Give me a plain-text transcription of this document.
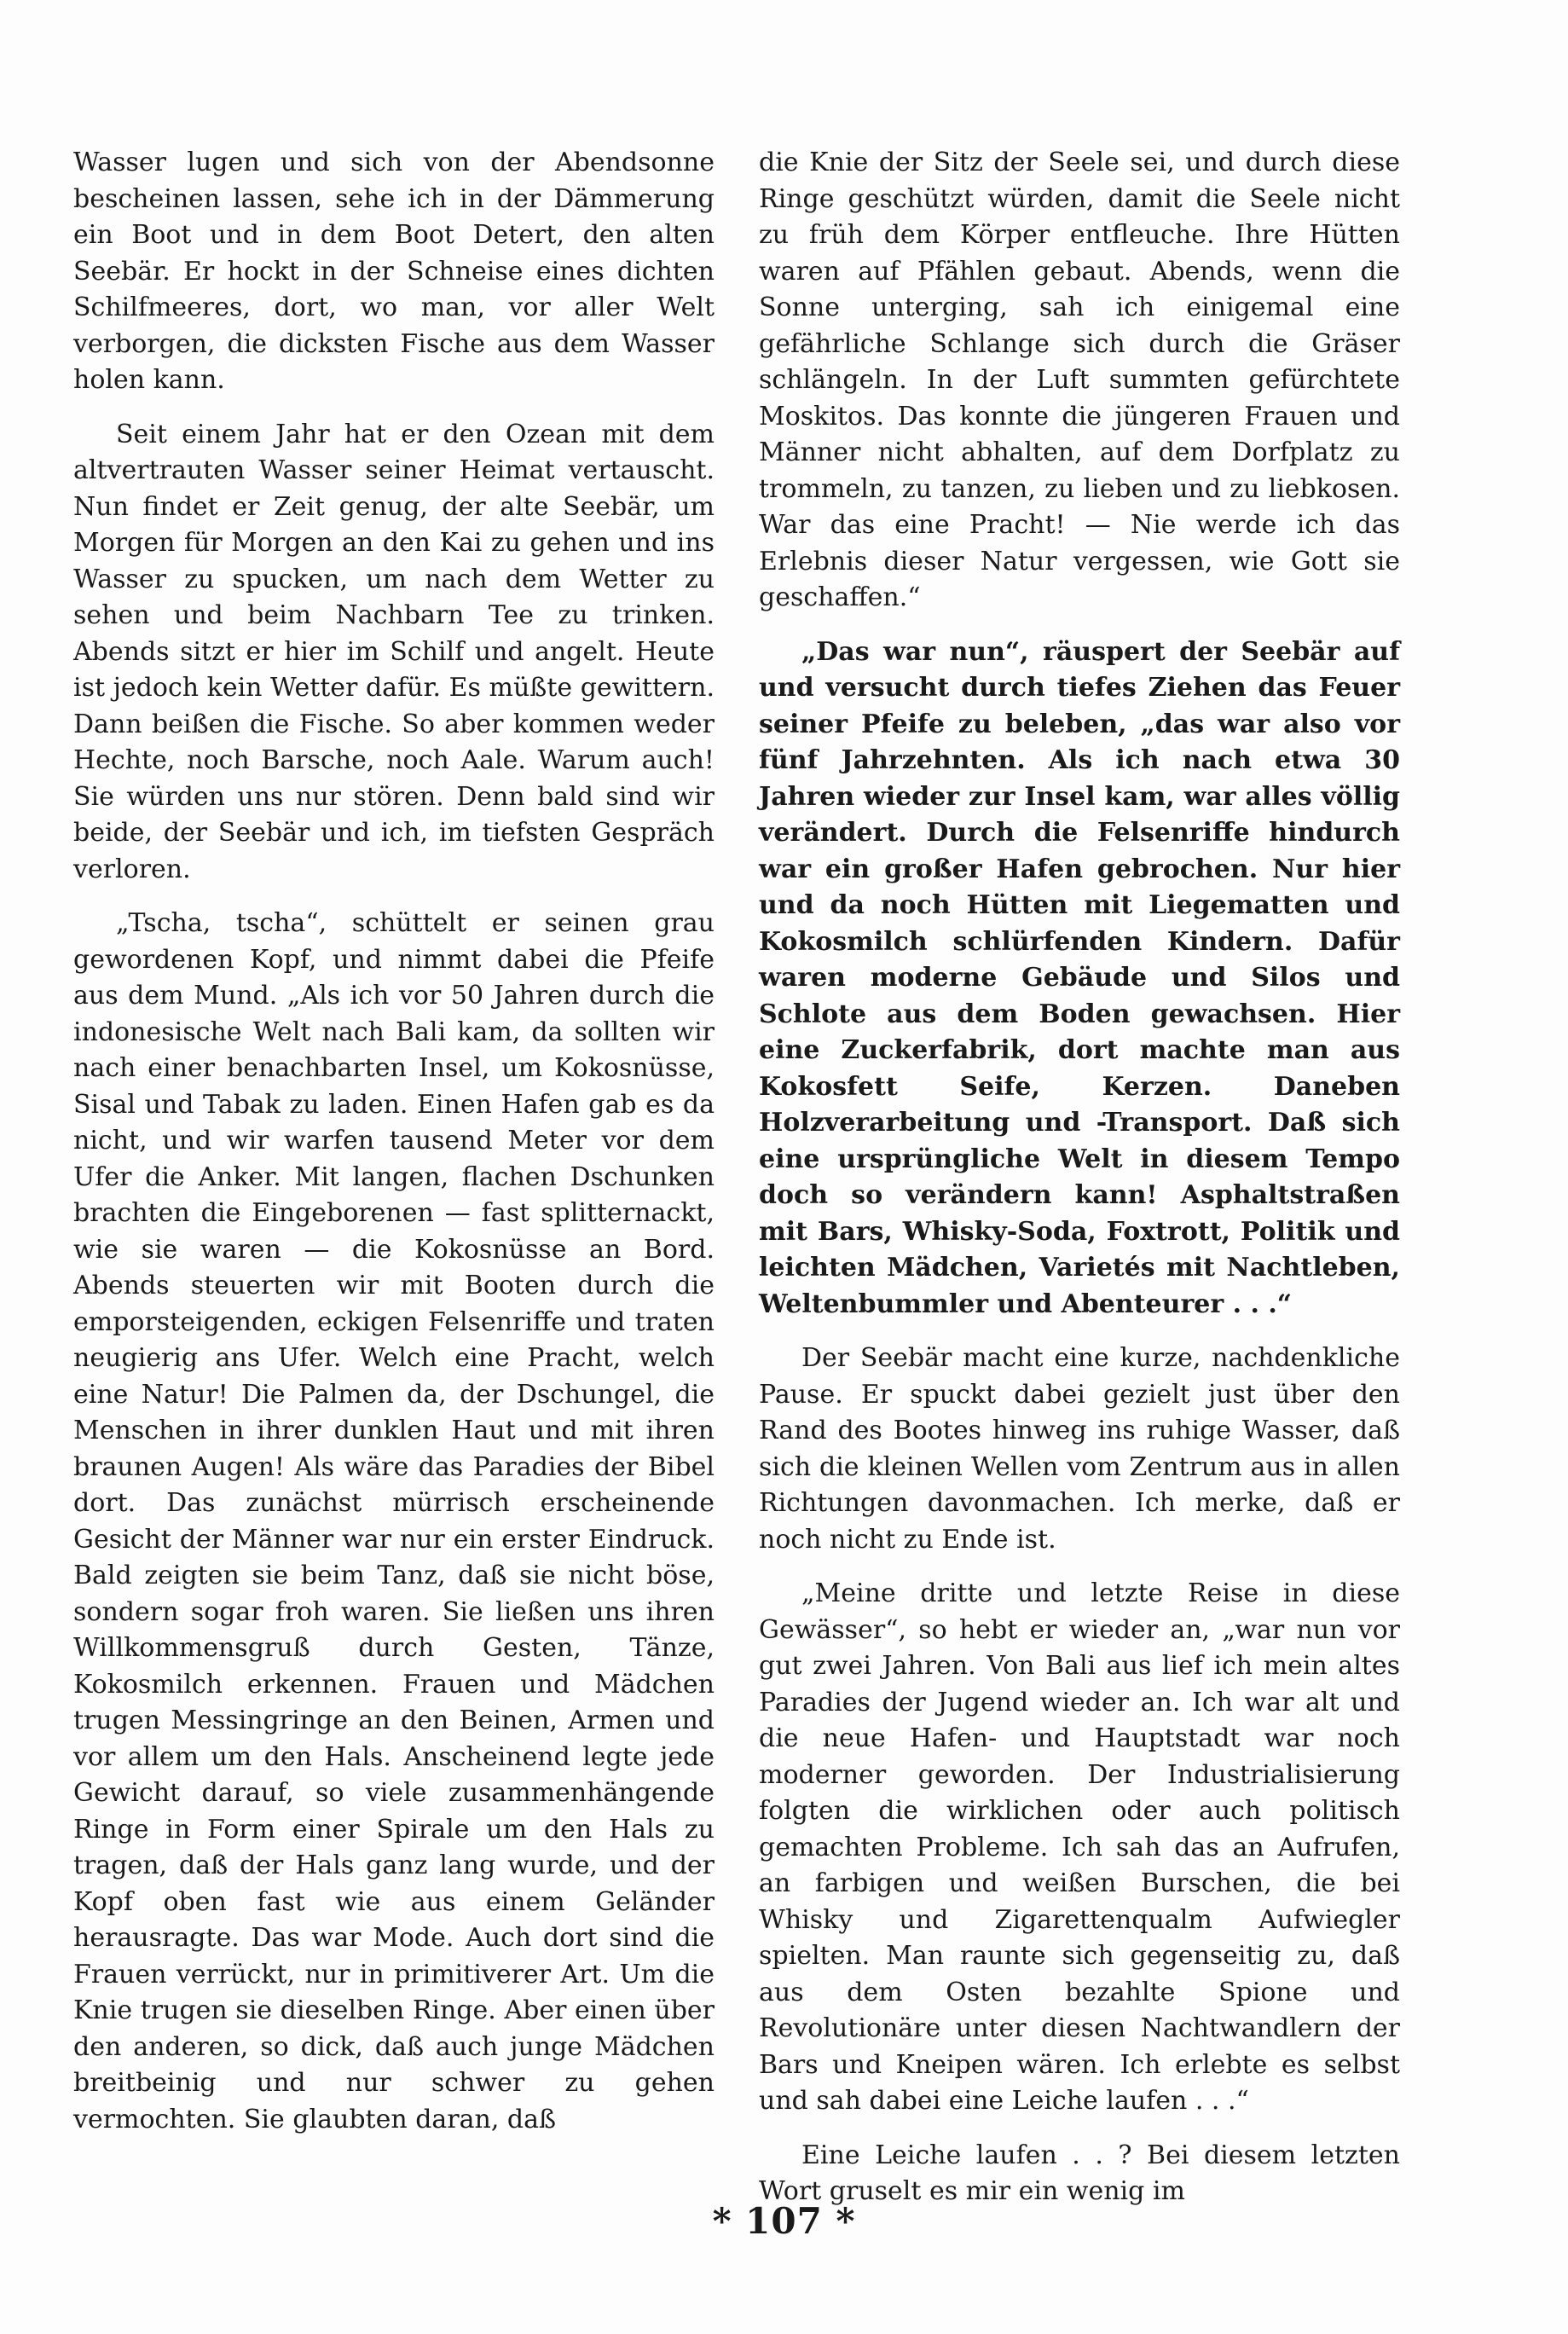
Wasser lugen und sich von der Abendsonne bescheinen lassen, sehe ich in der Dämmerung ein Boot und in dem Boot Detert, den alten Seebär. Er hockt in der Schneise eines dichten Schilfmeeres, dort, wo man, vor aller Welt verborgen, die dicksten Fische aus dem Wasser holen kann.

Seit einem Jahr hat er den Ozean mit dem altvertrauten Wasser seiner Heimat vertauscht. Nun findet er Zeit genug, der alte Seebär, um Morgen für Morgen an den Kai zu gehen und ins Wasser zu spucken, um nach dem Wetter zu sehen und beim Nachbarn Tee zu trinken. Abends sitzt er hier im Schilf und angelt. Heute ist jedoch kein Wetter dafür. Es müßte gewittern. Dann beißen die Fische. So aber kommen weder Hechte, noch Barsche, noch Aale. Warum auch! Sie würden uns nur stören. Denn bald sind wir beide, der Seebär und ich, im tiefsten Gespräch verloren.

„Tscha, tscha“, schüttelt er seinen grau gewordenen Kopf, und nimmt dabei die Pfeife aus dem Mund. „Als ich vor 50 Jahren durch die indonesische Welt nach Bali kam, da sollten wir nach einer benachbarten Insel, um Kokosnüsse, Sisal und Tabak zu laden. Einen Hafen gab es da nicht, und wir warfen tausend Meter vor dem Ufer die Anker. Mit langen, flachen Dschunken brachten die Eingeborenen — fast splitternackt, wie sie waren — die Kokosnüsse an Bord. Abends steuerten wir mit Booten durch die emporsteigenden, eckigen Felsenriffe und traten neugierig ans Ufer. Welch eine Pracht, welch eine Natur! Die Palmen da, der Dschungel, die Menschen in ihrer dunklen Haut und mit ihren braunen Augen! Als wäre das Paradies der Bibel dort. Das zunächst mürrisch erscheinende Gesicht der Männer war nur ein erster Eindruck. Bald zeigten sie beim Tanz, daß sie nicht böse, sondern sogar froh waren. Sie ließen uns ihren Willkommensgruß durch Gesten, Tänze, Kokosmilch erkennen. Frauen und Mädchen trugen Messingringe an den Beinen, Armen und vor allem um den Hals. Anscheinend legte jede Gewicht darauf, so viele zusammenhängende Ringe in Form einer Spirale um den Hals zu tragen, daß der Hals ganz lang wurde, und der Kopf oben fast wie aus einem Geländer herausragte. Das war Mode. Auch dort sind die Frauen verrückt, nur in primitiverer Art. Um die Knie trugen sie dieselben Ringe. Aber einen über den anderen, so dick, daß auch junge Mädchen breitbeinig und nur schwer zu gehen vermochten. Sie glaubten daran, daß

die Knie der Sitz der Seele sei, und durch diese Ringe geschützt würden, damit die Seele nicht zu früh dem Körper entfleuche. Ihre Hütten waren auf Pfählen gebaut. Abends, wenn die Sonne unterging, sah ich einigemal eine gefährliche Schlange sich durch die Gräser schlängeln. In der Luft summten gefürchtete Moskitos. Das konnte die jüngeren Frauen und Männer nicht abhalten, auf dem Dorfplatz zu trommeln, zu tanzen, zu lieben und zu liebkosen. War das eine Pracht! — Nie werde ich das Erlebnis dieser Natur vergessen, wie Gott sie geschaffen.“

„Das war nun“, räuspert der Seebär auf und versucht durch tiefes Ziehen das Feuer seiner Pfeife zu beleben, „das war also vor fünf Jahrzehnten. Als ich nach etwa 30 Jahren wieder zur Insel kam, war alles völlig verändert. Durch die Felsenriffe hindurch war ein großer Hafen gebrochen. Nur hier und da noch Hütten mit Liegematten und Kokosmilch schlürfenden Kindern. Dafür waren moderne Gebäude und Silos und Schlote aus dem Boden gewachsen. Hier eine Zuckerfabrik, dort machte man aus Kokosfett Seife, Kerzen. Daneben Holzverarbeitung und -Transport. Daß sich eine ursprüngliche Welt in diesem Tempo doch so verändern kann! Asphaltstraßen mit Bars, Whisky-Soda, Foxtrott, Politik und leichten Mädchen, Varietés mit Nachtleben, Weltenbummler und Abenteurer . . .“

Der Seebär macht eine kurze, nachdenkliche Pause. Er spuckt dabei gezielt just über den Rand des Bootes hinweg ins ruhige Wasser, daß sich die kleinen Wellen vom Zentrum aus in allen Richtungen davonmachen. Ich merke, daß er noch nicht zu Ende ist.

„Meine dritte und letzte Reise in diese Gewässer“, so hebt er wieder an, „war nun vor gut zwei Jahren. Von Bali aus lief ich mein altes Paradies der Jugend wieder an. Ich war alt und die neue Hafen- und Hauptstadt war noch moderner geworden. Der Industrialisierung folgten die wirklichen oder auch politisch gemachten Probleme. Ich sah das an Aufrufen, an farbigen und weißen Burschen, die bei Whisky und Zigarettenqualm Aufwiegler spielten. Man raunte sich gegenseitig zu, daß aus dem Osten bezahlte Spione und Revolutionäre unter diesen Nachtwandlern der Bars und Kneipen wären. Ich erlebte es selbst und sah dabei eine Leiche laufen . . .“

Eine Leiche laufen . . ? Bei diesem letzten Wort gruselt es mir ein wenig im

* 107 *
